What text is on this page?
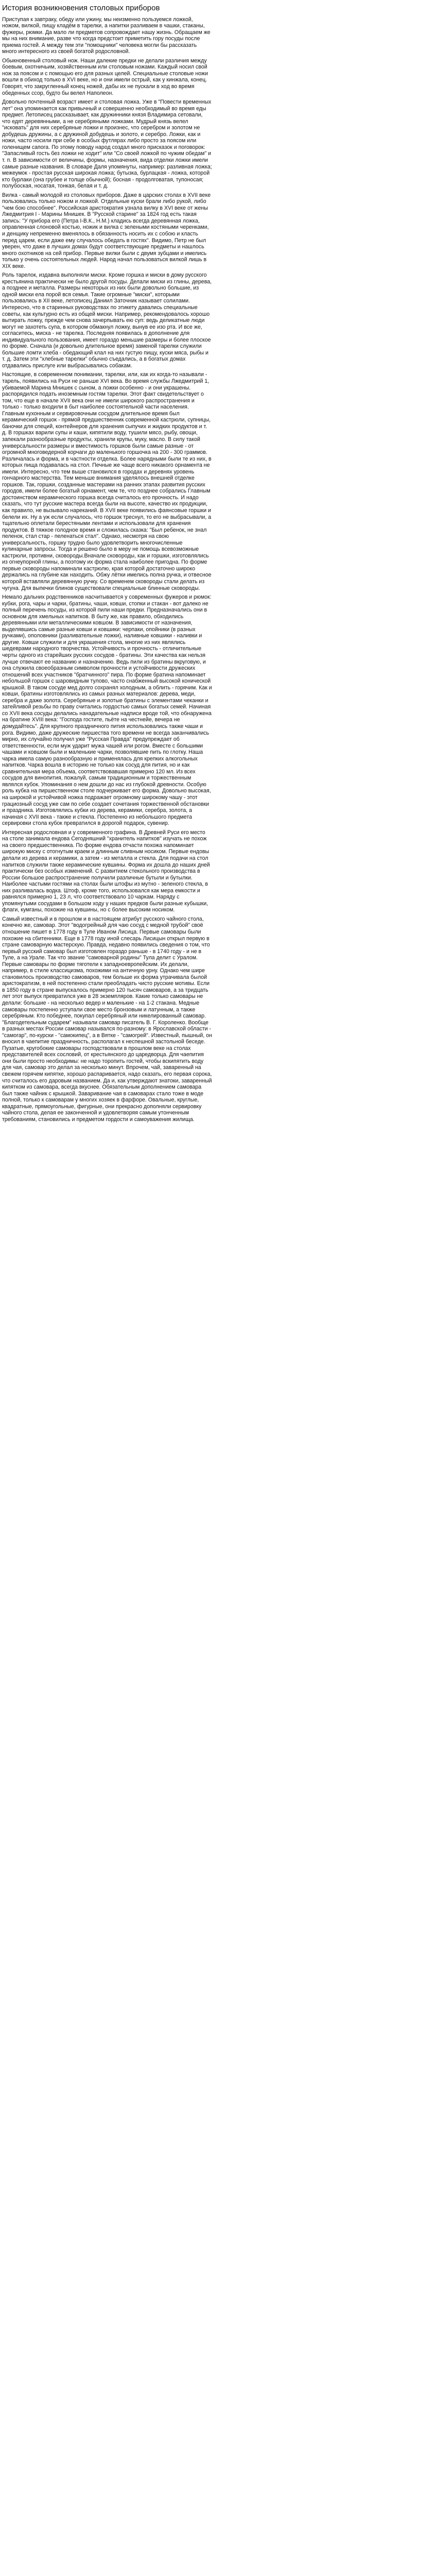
История возникновения столовых приборов

Приступая к завтраку, обеду или ужину, мы неизменно пользуемся ложкой, ножом, вилкой, пищу кладём в тарелки, а напитки разливаем в чашки, стаканы, фужеры, рюмки. Да мало ли предметов сопровождает нашу жизнь. Обращаем же мы на них внимание, разве что когда предстоит приметить гору посуды после приема гостей. А между тем эти "помощники" человека могли бы рассказать много интересного из своей богатой родословной.

Обыкновенный столовый нож. Наши далекие предки не делали различия между боевым, охотничьим, хозяйственным или столовым ножами. Каждый носил свой нож за поясом и с помощью его для разных целей. Специальные столовые ножи вошли в обиход только в XVI веке, но и они имели острый, как у кинжала, конец. Говорят, что закругленный конец ножей, дабы их не пускали в ход во время обеденных ссор, будто бы велел Наполеон.

Довольно почтенный возраст имеет и столовая ложка. Уже в "Повести временных лет" она упоминается как привычный и совершенно необходимый во время еды предмет. Летописец рассказывает, как дружинники князя Владимира сетовали, что едят деревянными, а не серебряными ложками. Мудрый князь велел "исковать" для них серебряные ложки и произнес, что серебром и золотом не добудешь дружины, а с дружиной добудешь и золото, и серебро. Ложки, как и ножи, часто носили при себе в особых футлярах либо просто за поясом или голенищем сапога. По этому поводу народ создал много присказок и поговорок: "Запасливый гость без ложки не ходит" или "Со своей ложкой по чужим обедам" и т. п. В зависимости от величины, формы, назначения, вида отделки ложки имели самые разные названия. В словаре Даля упомянуты, например: разливная ложка; межеумок - простая русская широкая ложка; бутызка, бурлацкая - ложка, которой кто бурлаки (она грубее и толще обычной); босная - продолговатая, тупоносая; полубоская, носатая, тонкая, белая и т. д.

Вилка - самый молодой из столовых приборов. Даже в царских столах в XVII веке пользовались только ножом и ложкой. Отдельные куски брали либо рукой, либо "чем бою способнее". Российская аристократия узнала вилку в XVI веке от жены Лжедмитрия I - Марины Мнишек. В "Русской старине" за 1824 год есть такая запись: "У прибора его (Петра I-В.К., Н.М.) кладись всегда деревянная ложка, оправленная слоновой костью, ножик и вилка с зелеными костяными черенками, и денщику непременно вменялось в обязанность носить их с собою и класть перед царем, если даже ему случалось обедать в гостях". Видимо, Петр не был уверен, что даже в лучших домах будут соответствующие предметы и нашлось много охотников на сей прибор. Первые вилки были с двумя зубцами и имелись только у очень состоятельных людей. Народ начал пользоваться вилкой лишь в XIX веке.

Роль тарелок, издавна выполняли миски. Кроме горшка и миски в дому русского крестьянина практически не было другой посуды. Делали миски из глины, дерева, а позднее и металла. Размеры некоторых из них были довольно большие, из одной миски ела порой вся семья. Такие огромные "миски", которыми пользовались в XII веке, летописец Даниил Заточник называет солилами. Интересно, что в старинных руководствах по этикету давались специальные советы, как культурно есть из общей миски. Например, рекомендовалось хорошо вытирать ложку, прежде чем снова зачерпывать ею суп: ведь деликатные люди могут не захотеть супа, в котором обмакнул ложку, вынув ее изо рта. И все же, согласитесь, миска - не тарелка. Последняя появилась в дополнение для индивидуального пользования, имеет гораздо меньшие размеры и более плоское по форме. Сначала (и довольно длительное время) заменой тарелки служили большие ломти хлеба - обедающий клал на них густую пищу, куски мяса, рыбы и т. д. Затем эти "хлебные тарелки" обычно съедались, а в богатых домах отдавались прислуге или выбрасывались собакам.

Настоящие, в современном понимании, тарелки, или, как их когда-то называли - тарель, появились на Руси не раньше XVI века. Во время службы Лжедмитрий 1, убиваемой Марина Мнишек с сыном, а ложки особенно - и они украшены. распорядился подать иноземным гостям тарелки. Этот факт свидетельствует о том, что еще в начале XVII века они не имели широкого распространения и только - только входили в быт наиболее состоятельной части населения. Главным кухонным и сервировочным сосудом длительное время был керамический горшок - прямой предшественник современной кастрюли, супницы, баночки для специй, контейнеров для хранения сыпучих и жидких продуктов и т. д. В горшках варили супы и каши, кипятили воду, тушили мясо, рыбу, овощи, запекали разнообразные продукты, хранили крупы, муку, масло. В силу такой универсальности размеры и вместимость горшков были самые разные - от огромной многоведерной корчаги до маленького горшочка на 200 - 300 граммов. Различалась и форма, и в частности отделка. Более нарядными были те из них, в которых пища подавалась на стол. Печные же чаще всего никакого орнамента не имели. Интересно, что тем выше становился в городах и деревнях уровень гончарного мастерства. Тем меньше внимания уделялось внешней отделке горшков. Так, горшки, созданные мастерами на ранних этапах развития русских городов, имели более богатый орнамент, чем те, что позднее собрались Главным достоинством керамического горшка всегда считалось его прочность. И надо сказать, что тут русские мастера всегда были на высоте, качество их продукции, как правило, не вызывало нареканий. В XVII веке появились фаянсовые горшки и белели их. Ну а уж если случалось, что горшок треснул, то его не выбрасывали, а тщательно оплетали берестяными лентами и использовали для хранения продуктов. В тяжкое голодное время и сложилась сказка: "Был ребенок, не знал пеленок, стал стар - пеленаться стал". Однако, несмотря на свою универсальность, горшку трудно было удовлетворить многочисленные кулинарные запросы. Тогда и решено было в меру не помощь всевозможные кастрюли, противни, сковороды.Вначале сковороды, как и горшки, изготовлялись из огнеупорной глины, а поэтому их форма стала наиболее пригодна. По форме первые сковороды напоминали кастрюлю, края которой достаточно широко держались на глубине как находить. Обжу лётки имелись полна ручка, и отвесное которой вставляли деревянную ручку. Со временем сковороды стали делать из чугуна. Для выпечки блинов существовали специальные блинные сковороды.

Немало дальних родственников насчитывается у современных фужеров и рюмок: кубки, рога, чары и чарки, братины, чаши, ковши, стопки и стакан - вот далеко не полный перечень посуды, из которой пили наши предки. Предназначались они в основном для хмельных напитков. В быту же, как правило, обходились деревянными или металлическими ковшом. В зависимости от назначения, выделявшись самые разные ковши и ковшики: черпаки, опойники (в разных ручками), ополовники (разливательные ложки), наливные ковшики - наливки и другие. Ковши служили и для украшения стола, многие из них являлись шедеврами народного творчества. Устойчивость и прочность - отличительные черты одного из старейших русских сосудов - братины. Эти качества как нельзя лучше отвечают ее названию и назначению. Ведь пили из братины вкруговую, и она служила своеобразным символом прочности и устойчивости дружеских отношений всех участников "братчинного" пира. По форме братина напоминает небольшой горшок с шаровидным тулово, часто снабженный высокой конической крышкой. В таком сосуде мед долго сохранял холодным, а облить - горячим. Как и ковши, братины изготовлялись из самых разных материалов: дерева, меди, серебра и даже золота. Серебряные и золотые братины с элементами чеканки и затейливой резьбы по праву считались гордостью самых богатых семей. Начиная со XVII века сосуды делались нанадательные надписи вроде той, что обнаружена на братине XVIII века: "Господа гостите, пьёте на честнейе, вечера не домудайтесь". Для крупного праздничного пития использовались также чаши и рога. Видимо, даже дружеские пиршества того времени не всегда заканчивались мирно, их случайно получил уже "Русская Правда" предупреждает об ответственности, если муж ударит мужа чашей или рогом. Вместе с большими чашами и ковшом были и маленькие чарки, позволявшие пить по глотку. Наша чарка имела самую разнообразную и применялась для крепких алкогольных напитков. Чарка вошла в историю не только как сосуд для пития, но и как сравнительная мера объема, соответствовавшая примерно 120 мл. Из всех сосудов для винопития, пожалуй, самым традиционным и торжественным являлся кубок. Упоминания о нем дошли до нас из глубокой древности. Особую роль кубка на пиршественном столе подчеркивает его форма. Довольно высокая, на широкой и устойчивой ножка подражает огромному широкому чашу - этот грациозный сосуд уже сам по себе создает сочетания торжественной обстановки и праздника. Изготовлялись кубки из дерева, керамики, серебра, золота, а начиная с XVII века - также и стекла. Постепенно из небольшого предмета сервировки стола кубок превратился в дорогой подарок, сувенир.

Интересная родословная и у современного графина. В Древней Руси его место на столе занимала ендова Сегодняшний "хранитель напитков" изучать не похож на своего предшественника. По форме ендова отчасти похожа напоминает широкую миску с отогнутым краем и длинным сливным носиком. Первые ендовы делали из дерева и керамики, а затем - из металла и стекла. Для подачи на стол напитков служили также керамические кувшины. Форма их дошла до наших дней практически без особых изменений. С развитием стекольного производства в России большое распространение получили различные бутыли и бутылки. Наиболее частыми гостями на столах были штофы из мутно - зеленого стекла, в них разливалась водка. Штоф, кроме того, использовался как мера емкости и равнялся примерно 1, 23 л, что соответствовало 10 чаркам. Наряду с упомянутыми сосудами в большом ходу у наших предков были разные кубышки, флаги, кумганы, похожие на кувшины, но с более высоким носиком.

Самый известный и в прошлом и в настоящем атрибут русского чайного стола, конечно же, самовар. Этот "водогрейный для чаю сосуд с медной трубой" своё отношение пишет в 1778 году в Туле Иваном Лисица. Первые самовары были похожие на сбитенники. Еще в 1778 году иной слесарь Лисицын открыл первую в стране самоварную мастерскую. Правда, недавно появились сведения о том, что первый русский самовар был изготовлен гораздо раньше - в 1740 году - и не в Туле, а на Урале. Так что звание "самоварной родины" Тула делит с Уралом. Первые самовары по форме тяготели к западноевропейским. Их делали, например, в стиле классицизма, похожими на античную урну. Однако чем шире становилось производство самоваров, тем больше их форма утрачивала былой аристократизм, в ней постепенно стали преобладать чисто русские мотивы. Если в 1850 году в стране выпускалось примерно 120 тысяч самоваров, а за тридцать лет этот выпуск превратился уже в 28 экземпляров. Какие только самовары не делали: большие - на несколько ведер и маленькие - на 1-2 стакана. Медные самовары постепенно уступали свое место бронзовым и латунным, а также серебряным. Кто победнее, покупал серебряный или никелированный самовар. "Благодетельным сударем" называли самовар писатель В. Г. Короленко. Вообще в разных местах России самовар назывался по-разному: в Ярославской области - "самогар", по-курски - "самокипец", а в Вятке - "самогрей". Известный, пышный, он вносил в чаепитие праздничность, располагал к неспешной застольной беседе. Пузатые, кругобокие самовары господствовали в прошлом веке на столах представителей всех сословий, от крестьянского до царедворца. Для чаепития они были просто необходимы: не надо торопить гостей, чтобы вскипятить воду для чая, самовар это делал за несколько минут. Впрочем, чай, заваренный на свежем горячем кипятке, хорошо распаривается, надо сказать, его первая сорока, что считалось его даровым названием. Да и, как утверждают знатоки, заваренный кипятком из самовара, всегда вкуснее. Обязательным дополнением самовара был также чайник с крышкой. Заваривание чая в самоварах стало тоже в моде полной, только к самоварам у многих хозяек в фарфоре. Овальные, круглые, квадратные, прямоугольные, фигурные, они прекрасно дополняли сервировку чайного стола, делая ее законченной и удовлетворяя самым утонченным требованиям, становились и предметом гордости и самоуважения жилища.
